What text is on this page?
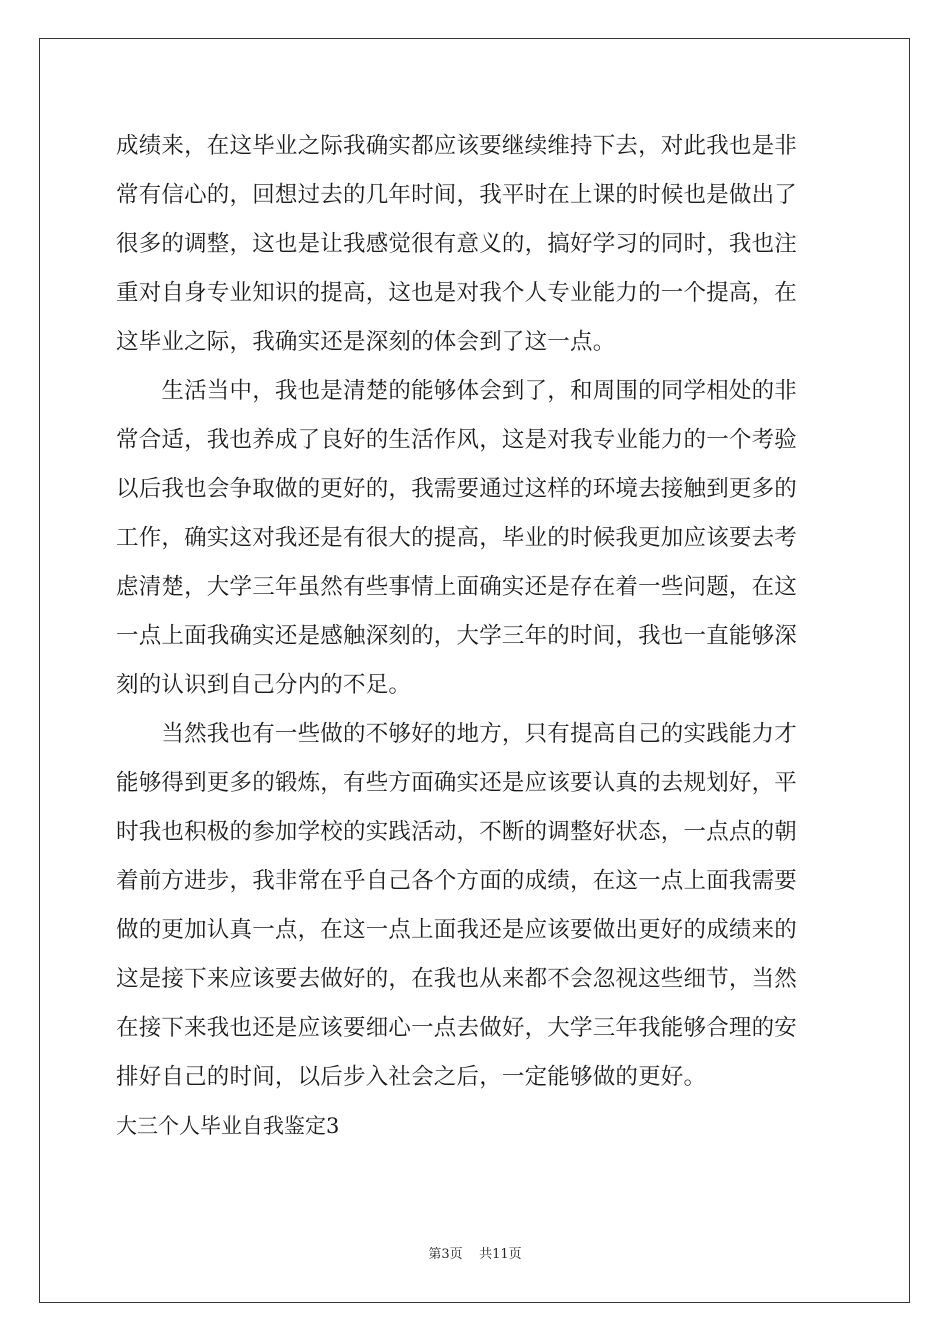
成绩来，在这毕业之际我确实都应该要继续维持下去，对此我也是非
常有信心的，回想过去的几年时间，我平时在上课的时候也是做出了
很多的调整，这也是让我感觉很有意义的，搞好学习的同时，我也注
重对自身专业知识的提高，这也是对我个人专业能力的一个提高，在
这毕业之际，我确实还是深刻的体会到了这一点。
　　生活当中，我也是清楚的能够体会到了，和周围的同学相处的非
常合适，我也养成了良好的生活作风，这是对我专业能力的一个考验
以后我也会争取做的更好的，我需要通过这样的环境去接触到更多的
工作，确实这对我还是有很大的提高，毕业的时候我更加应该要去考
虑清楚，大学三年虽然有些事情上面确实还是存在着一些问题，在这
一点上面我确实还是感触深刻的，大学三年的时间，我也一直能够深
刻的认识到自己分内的不足。
　　当然我也有一些做的不够好的地方，只有提高自己的实践能力才
能够得到更多的锻炼，有些方面确实还是应该要认真的去规划好，平
时我也积极的参加学校的实践活动，不断的调整好状态，一点点的朝
着前方进步，我非常在乎自己各个方面的成绩，在这一点上面我需要
做的更加认真一点，在这一点上面我还是应该要做出更好的成绩来的
这是接下来应该要去做好的，在我也从来都不会忽视这些细节，当然
在接下来我也还是应该要细心一点去做好，大学三年我能够合理的安
排好自己的时间，以后步入社会之后，一定能够做的更好。
大三个人毕业自我鉴定3
第3页 共11页
